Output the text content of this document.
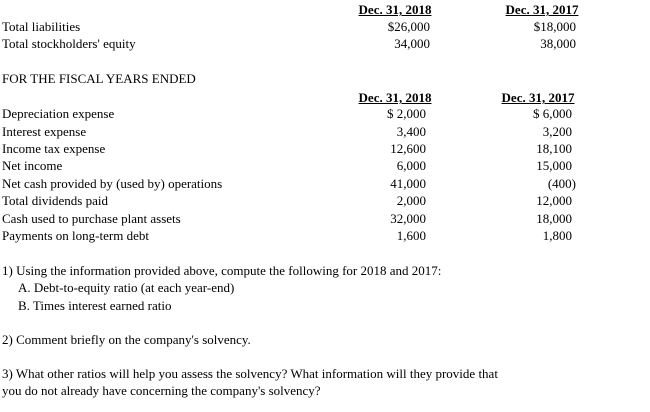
Dec. 31, 2018	Dec. 31, 2017
Total liabilities	$26,000	$18,000
Total stockholders' equity	34,000	38,000
FOR THE FISCAL YEARS ENDED
Dec. 31, 2018	Dec. 31, 2017
Depreciation expense	$ 2,000	$ 6,000
Interest expense	3,400	3,200
Income tax expense	12,600	18,100
Net income	6,000	15,000
Net cash provided by (used by) operations	41,000	(400)
Total dividends paid	2,000	12,000
Cash used to purchase plant assets	32,000	18,000
Payments on long-term debt	1,600	1,800
1) Using the information provided above, compute the following for 2018 and 2017:
A. Debt-to-equity ratio (at each year-end)
B. Times interest earned ratio
2) Comment briefly on the company's solvency.
3) What other ratios will help you assess the solvency? What information will they provide that
you do not already have concerning the company's solvency?
